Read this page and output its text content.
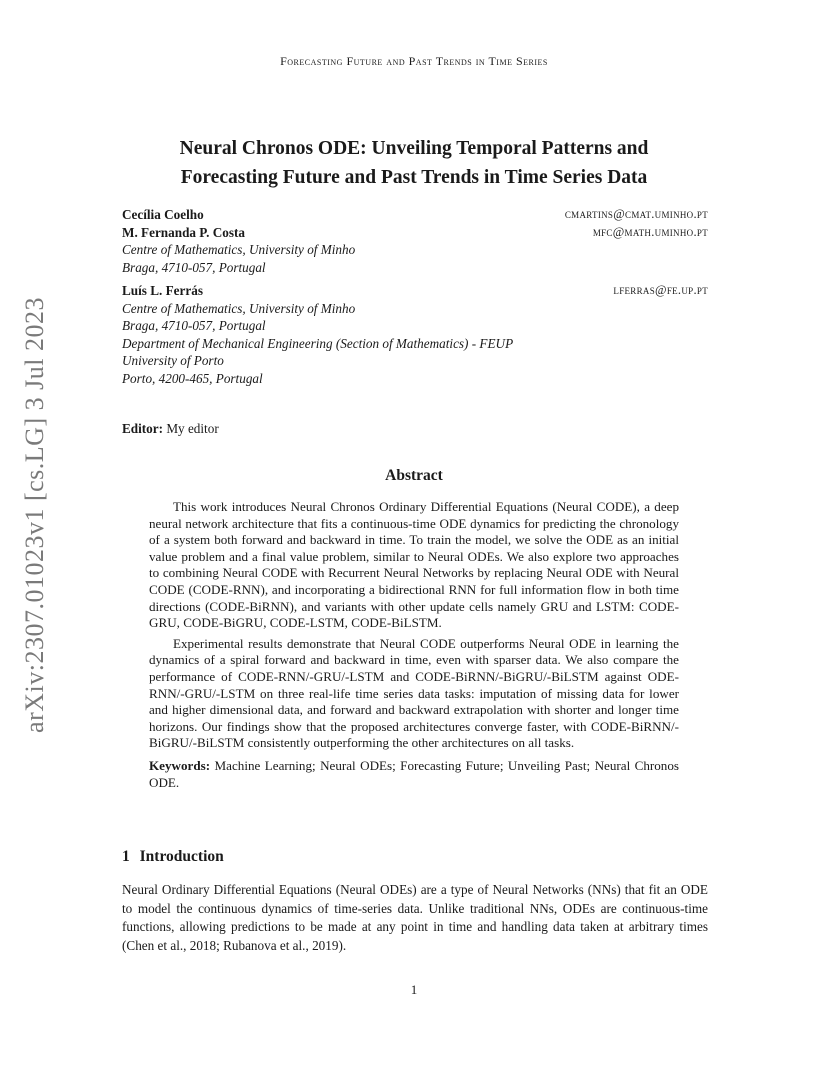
Forecasting Future and Past Trends in Time Series
arXiv:2307.01023v1 [cs.LG] 3 Jul 2023
Neural Chronos ODE: Unveiling Temporal Patterns and
Forecasting Future and Past Trends in Time Series Data
Cecília Coelho	cmartins@cmat.uminho.pt
M. Fernanda P. Costa	mfc@math.uminho.pt
Centre of Mathematics, University of Minho
Braga, 4710-057, Portugal
Luís L. Ferrás	lferras@fe.up.pt
Centre of Mathematics, University of Minho
Braga, 4710-057, Portugal
Department of Mechanical Engineering (Section of Mathematics) - FEUP
University of Porto
Porto, 4200-465, Portugal
Editor: My editor
Abstract

This work introduces Neural Chronos Ordinary Differential Equations (Neural CODE), a deep neural network architecture that fits a continuous-time ODE dynamics for predicting the chronology of a system both forward and backward in time. To train the model, we solve the ODE as an initial value problem and a final value problem, similar to Neural ODEs. We also explore two approaches to combining Neural CODE with Recurrent Neural Networks by replacing Neural ODE with Neural CODE (CODE-RNN), and incorporating a bidirectional RNN for full information flow in both time directions (CODE-BiRNN), and variants with other update cells namely GRU and LSTM: CODE-GRU, CODE-BiGRU, CODE-LSTM, CODE-BiLSTM.

Experimental results demonstrate that Neural CODE outperforms Neural ODE in learning the dynamics of a spiral forward and backward in time, even with sparser data. We also compare the performance of CODE-RNN/-GRU/-LSTM and CODE-BiRNN/-BiGRU/-BiLSTM against ODE-RNN/-GRU/-LSTM on three real-life time series data tasks: imputation of missing data for lower and higher dimensional data, and forward and backward extrapolation with shorter and longer time horizons. Our findings show that the proposed architectures converge faster, with CODE-BiRNN/-BiGRU/-BiLSTM consistently outperforming the other architectures on all tasks.

Keywords: Machine Learning; Neural ODEs; Forecasting Future; Unveiling Past; Neural Chronos ODE.
1 Introduction

Neural Ordinary Differential Equations (Neural ODEs) are a type of Neural Networks (NNs) that fit an ODE to model the continuous dynamics of time-series data. Unlike traditional NNs, ODEs are continuous-time functions, allowing predictions to be made at any point in time and handling data taken at arbitrary times (Chen et al., 2018; Rubanova et al., 2019).

1
